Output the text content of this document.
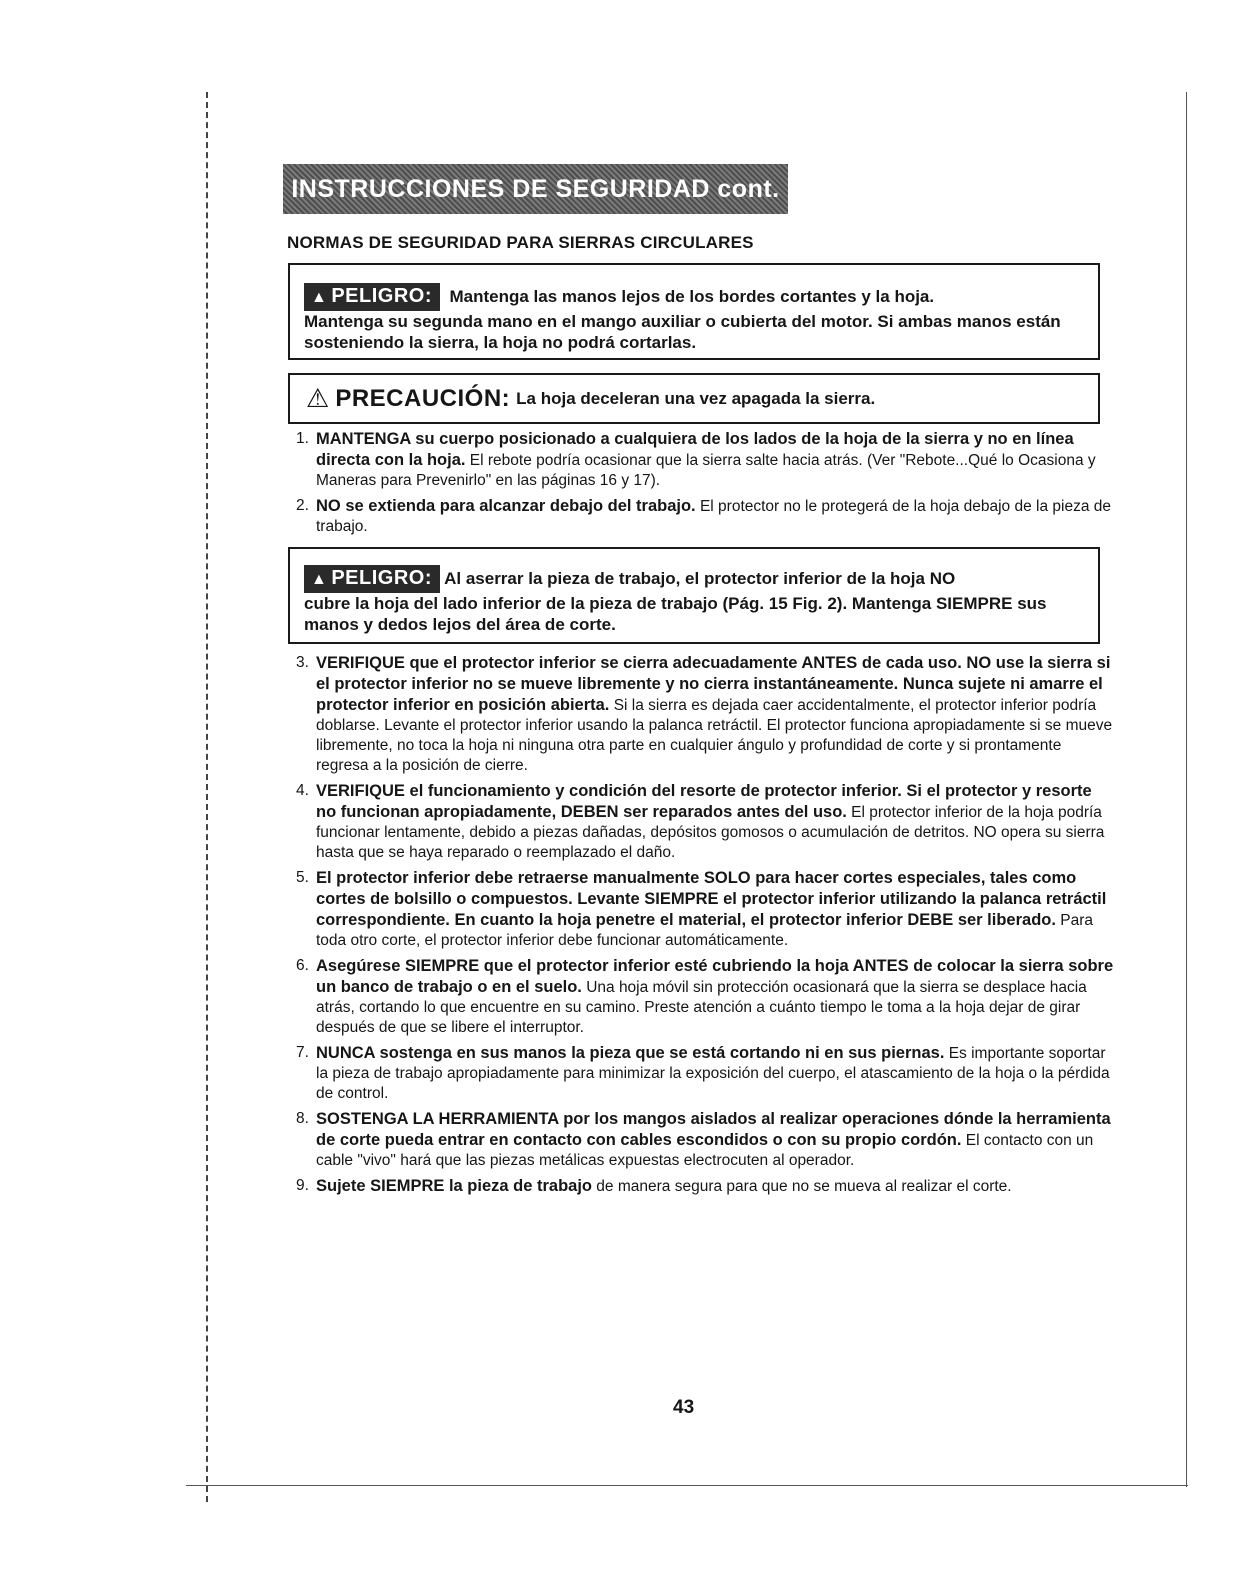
INSTRUCCIONES DE SEGURIDAD cont.
NORMAS DE SEGURIDAD PARA SIERRAS CIRCULARES
▲ PELIGRO: Mantenga las manos lejos de los bordes cortantes y la hoja.
Mantenga su segunda mano en el mango auxiliar o cubierta del motor. Si ambas manos están sosteniendo la sierra, la hoja no podrá cortarlas.
⚠ PRECAUCIÓN: La hoja deceleran una vez apagada la sierra.
1. MANTENGA su cuerpo posicionado a cualquiera de los lados de la hoja de la sierra y no en línea directa con la hoja. El rebote podría ocasionar que la sierra salte hacia atrás. (Ver "Rebote...Qué lo Ocasiona y Maneras para Prevenirlo" en las páginas 16 y 17).
2. NO se extienda para alcanzar debajo del trabajo. El protector no le protegerá de la hoja debajo de la pieza de trabajo.
▲ PELIGRO: Al aserrar la pieza de trabajo, el protector inferior de la hoja NO
cubre la hoja del lado inferior de la pieza de trabajo (Pág. 15 Fig. 2). Mantenga SIEMPRE sus manos y dedos lejos del área de corte.
3. VERIFIQUE que el protector inferior se cierra adecuadamente ANTES de cada uso. NO use la sierra si el protector inferior no se mueve libremente y no cierra instantáneamente. Nunca sujete ni amarre el protector inferior en posición abierta. Si la sierra es dejada caer accidentalmente, el protector inferior podría doblarse. Levante el protector inferior usando la palanca retráctil. El protector funciona apropiadamente si se mueve libremente, no toca la hoja ni ninguna otra parte en cualquier ángulo y profundidad de corte y si prontamente regresa a la posición de cierre.
4. VERIFIQUE el funcionamiento y condición del resorte de protector inferior. Si el protector y resorte no funcionan apropiadamente, DEBEN ser reparados antes del uso. El protector inferior de la hoja podría funcionar lentamente, debido a piezas dañadas, depósitos gomosos o acumulación de detritos. NO opera su sierra hasta que se haya reparado o reemplazado el daño.
5. El protector inferior debe retraerse manualmente SOLO para hacer cortes especiales, tales como cortes de bolsillo o compuestos. Levante SIEMPRE el protector inferior utilizando la palanca retráctil correspondiente. En cuanto la hoja penetre el material, el protector inferior DEBE ser liberado. Para toda otro corte, el protector inferior debe funcionar automáticamente.
6. Asegúrese SIEMPRE que el protector inferior esté cubriendo la hoja ANTES de colocar la sierra sobre un banco de trabajo o en el suelo. Una hoja móvil sin protección ocasionará que la sierra se desplace hacia atrás, cortando lo que encuentre en su camino. Preste atención a cuánto tiempo le toma a la hoja dejar de girar después de que se libere el interruptor.
7. NUNCA sostenga en sus manos la pieza que se está cortando ni en sus piernas. Es importante soportar la pieza de trabajo apropiadamente para minimizar la exposición del cuerpo, el atascamiento de la hoja o la pérdida de control.
8. SOSTENGA LA HERRAMIENTA por los mangos aislados al realizar operaciones dónde la herramienta de corte pueda entrar en contacto con cables escondidos o con su propio cordón. El contacto con un cable "vivo" hará que las piezas metálicas expuestas electrocuten al operador.
9. Sujete SIEMPRE la pieza de trabajo de manera segura para que no se mueva al realizar el corte.
43
